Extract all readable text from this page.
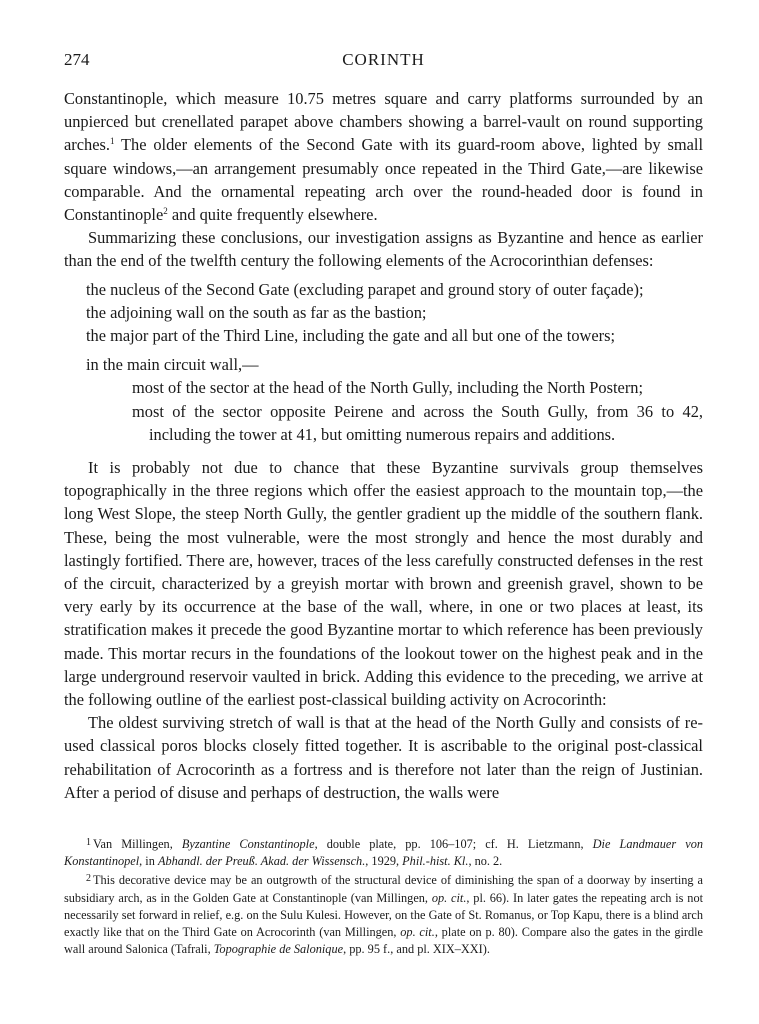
274	CORINTH

Constantinople, which measure 10.75 metres square and carry platforms surrounded by an unpierced but crenellated parapet above chambers showing a barrel-vault on round supporting arches.$^1$ The older elements of the Second Gate with its guard-room above, lighted by small square windows,—an arrangement presumably once repeated in the Third Gate,—are likewise comparable. And the ornamental repeating arch over the round-headed door is found in Constantinople$^2$ and quite frequently elsewhere.

Summarizing these conclusions, our investigation assigns as Byzantine and hence as earlier than the end of the twelfth century the following elements of the Acrocorinthian defenses:

the nucleus of the Second Gate (excluding parapet and ground story of outer façade);
the adjoining wall on the south as far as the bastion;
the major part of the Third Line, including the gate and all but one of the towers;
in the main circuit wall,—
most of the sector at the head of the North Gully, including the North Postern;
most of the sector opposite Peirene and across the South Gully, from 36 to 42, including the tower at 41, but omitting numerous repairs and additions.

It is probably not due to chance that these Byzantine survivals group themselves topographically in the three regions which offer the easiest approach to the mountain top,—the long West Slope, the steep North Gully, the gentler gradient up the middle of the southern flank. These, being the most vulnerable, were the most strongly and hence the most durably and lastingly fortified. There are, however, traces of the less carefully constructed defenses in the rest of the circuit, characterized by a greyish mortar with brown and greenish gravel, shown to be very early by its occurrence at the base of the wall, where, in one or two places at least, its stratification makes it precede the good Byzantine mortar to which reference has been previously made. This mortar recurs in the foundations of the lookout tower on the highest peak and in the large underground reservoir vaulted in brick. Adding this evidence to the preceding, we arrive at the following outline of the earliest post-classical building activity on Acrocorinth:

The oldest surviving stretch of wall is that at the head of the North Gully and consists of re-used classical poros blocks closely fitted together. It is ascribable to the original post-classical rehabilitation of Acrocorinth as a fortress and is therefore not later than the reign of Justinian. After a period of disuse and perhaps of destruction, the walls were

$^1$ Van Millingen, Byzantine Constantinople, double plate, pp. 106–107; cf. H. Lietzmann, Die Landmauer von Konstantinopel, in Abhandl. der Preuß. Akad. der Wissensch., 1929, Phil.-hist. Kl., no. 2.

$^2$ This decorative device may be an outgrowth of the structural device of diminishing the span of a doorway by inserting a subsidiary arch, as in the Golden Gate at Constantinople (van Millingen, op. cit., pl. 66). In later gates the repeating arch is not necessarily set forward in relief, e.g. on the Sulu Kulesi. However, on the Gate of St. Romanus, or Top Kapu, there is a blind arch exactly like that on the Third Gate on Acrocorinth (van Millingen, op. cit., plate on p. 80). Compare also the gates in the girdle wall around Salonica (Tafrali, Topographie de Salonique, pp. 95 f., and pl. XIX–XXI).
